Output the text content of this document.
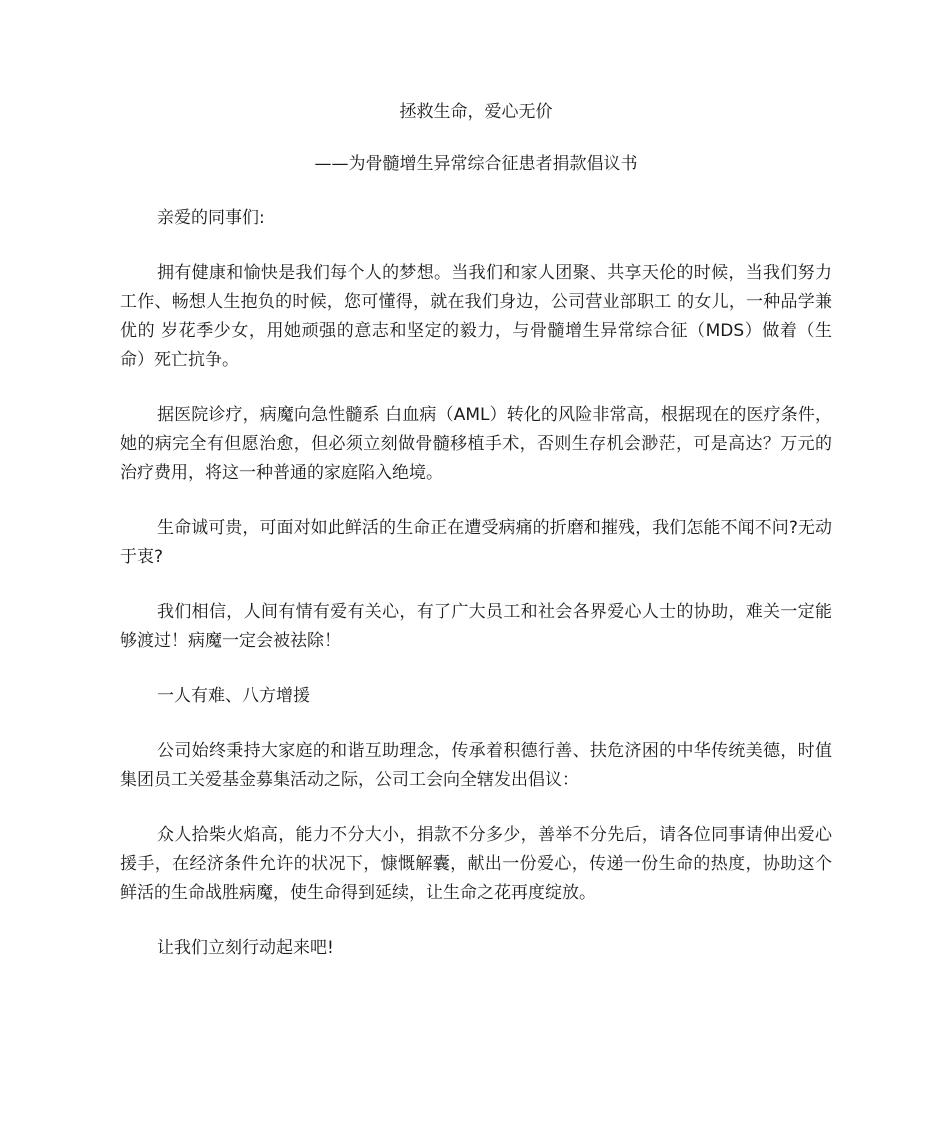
拯救生命，爱心无价

——为骨髓增生异常综合征患者捐款倡议书

亲爱的同事们:

拥有健康和愉快是我们每个人的梦想。当我们和家人团聚、共享天伦的时候，当我们努力工作、畅想人生抱负的时候，您可懂得，就在我们身边，公司营业部职工 的女儿，一种品学兼优的 岁花季少女，用她顽强的意志和坚定的毅力，与骨髓增生异常综合征（MDS）做着（生命）死亡抗争。

据医院诊疗，病魔向急性髓系 白血病（AML）转化的风险非常高，根据现在的医疗条件，她的病完全有但愿治愈，但必须立刻做骨髓移植手术，否则生存机会渺茫，可是高达？万元的治疗费用，将这一种普通的家庭陷入绝境。

生命诚可贵，可面对如此鲜活的生命正在遭受病痛的折磨和摧残，我们怎能不闻不问?无动于衷?

我们相信，人间有情有爱有关心，有了广大员工和社会各界爱心人士的协助，难关一定能够渡过！病魔一定会被祛除！

一人有难、八方增援

公司始终秉持大家庭的和谐互助理念，传承着积德行善、扶危济困的中华传统美德，时值集团员工关爱基金募集活动之际，公司工会向全辖发出倡议：

众人拾柴火焰高，能力不分大小，捐款不分多少，善举不分先后，请各位同事请伸出爱心援手，在经济条件允许的状况下，慷慨解囊，献出一份爱心，传递一份生命的热度，协助这个鲜活的生命战胜病魔，使生命得到延续，让生命之花再度绽放。

让我们立刻行动起来吧!
